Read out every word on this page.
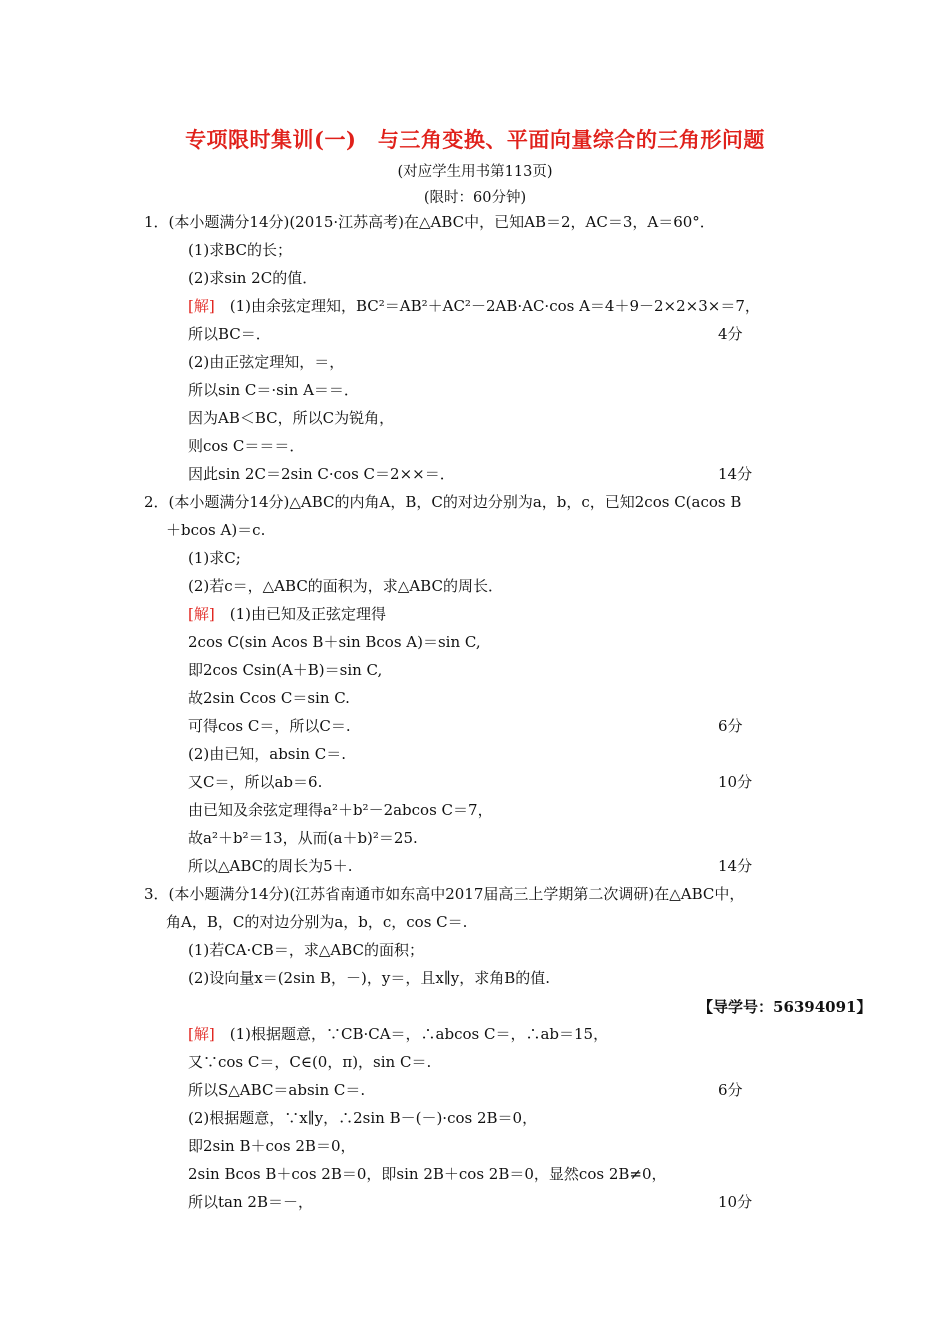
专项限时集训(一)　与三角变换、平面向量综合的三角形问题
(对应学生用书第113页)
(限时：60分钟)
1．(本小题满分14分)(2015·江苏高考)在△ABC中，已知AB＝2，AC＝3，A＝60°．
(1)求BC的长；
(2)求sin 2C的值．
[解]　(1)由余弦定理知，BC²＝AB²＋AC²－2AB·AC·cos A＝4＋9－2×2×3×＝7，
所以BC＝．	4分
(2)由正弦定理知，＝，
所以sin C＝·sin A＝＝．
因为AB＜BC，所以C为锐角，
则cos C＝＝＝．
因此sin 2C＝2sin C·cos C＝2××＝．	14分
2．(本小题满分14分)△ABC的内角A，B，C的对边分别为a，b，c，已知2cos C(acos B
＋bcos A)＝c.
(1)求C;
(2)若c＝，△ABC的面积为，求△ABC的周长．
[解]　(1)由已知及正弦定理得
2cos C(sin Acos B＋sin Bcos A)＝sin C,
即2cos Csin(A＋B)＝sin C,
故2sin Ccos C＝sin C.
可得cos C＝，所以C＝.	6分
(2)由已知，absin C＝.
又C＝，所以ab＝6.	10分
由已知及余弦定理得a²＋b²－2abcos C＝7，
故a²＋b²＝13，从而(a＋b)²＝25.
所以△ABC的周长为5＋.	14分
3．(本小题满分14分)(江苏省南通市如东高中2017届高三上学期第二次调研)在△ABC中，
角A，B，C的对边分别为a，b，c，cos C＝.
(1)若CA·CB＝，求△ABC的面积；
(2)设向量x＝(2sin B，－)，y＝，且x∥y，求角B的值.
【导学号：56394091】
[解]　(1)根据题意，∵CB·CA＝，∴abcos C＝，∴ab＝15，
又∵cos C＝，C∈(0，π)，sin C＝.
所以S△ABC＝absin C＝.	6分
(2)根据题意，∵x∥y，∴2sin B－(－)·cos 2B＝0，
即2sin B＋cos 2B＝0，
2sin Bcos B＋cos 2B＝0，即sin 2B＋cos 2B＝0，显然cos 2B≠0，
所以tan 2B＝－，	10分
